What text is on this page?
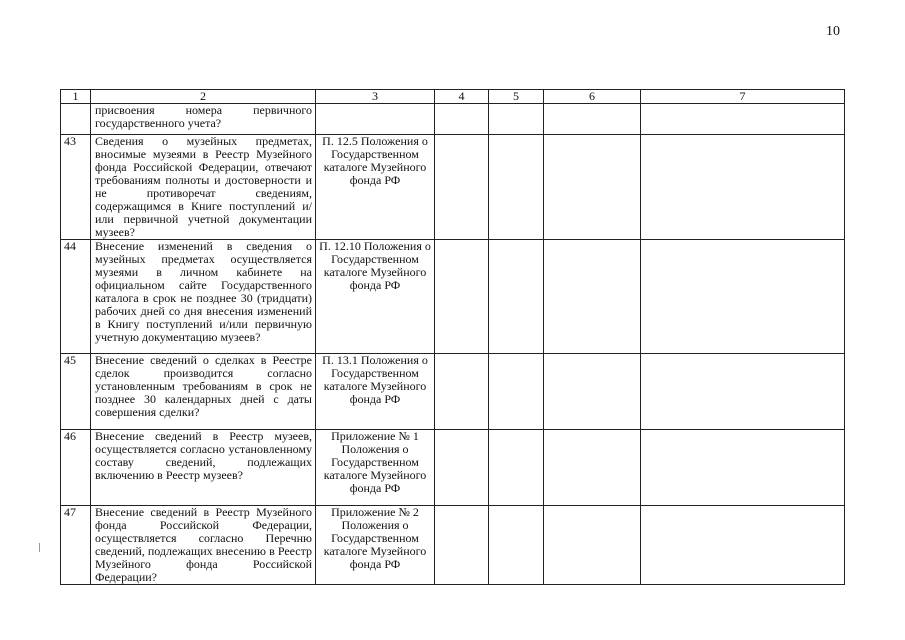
10
1	2	3	4	5	6	7
	присвоения номера первичного государственного учета?					
43	Сведения о музейных предметах, вносимые музеями в Реестр Музейного фонда Российской Федерации, отвечают требованиям полноты и достоверности и не противоречат сведениям, содержащимся в Книге поступлений и/или первичной учетной документации музеев?	П. 12.5 Положения о Государственном каталоге Музейного фонда РФ				
44	Внесение изменений в сведения о музейных предметах осуществляется музеями в личном кабинете на официальном сайте Государственного каталога в срок не позднее 30 (тридцати) рабочих дней со дня внесения изменений в Книгу поступлений и/или первичную учетную документацию музеев?	П. 12.10 Положения о Государственном каталоге Музейного фонда РФ				
45	Внесение сведений о сделках в Реестре сделок производится согласно установленным требованиям в срок не позднее 30 календарных дней с даты совершения сделки?	П. 13.1 Положения о Государственном каталоге Музейного фонда РФ				
46	Внесение сведений в Реестр музеев, осуществляется согласно установленному составу сведений, подлежащих включению в Реестр музеев?	Приложение № 1 Положения о Государственном каталоге Музейного фонда РФ				
47	Внесение сведений в Реестр Музейного фонда Российской Федерации, осуществляется согласно Перечню сведений, подлежащих внесению в Реестр Музейного фонда Российской Федерации?	Приложение № 2 Положения о Государственном каталоге Музейного фонда РФ				
